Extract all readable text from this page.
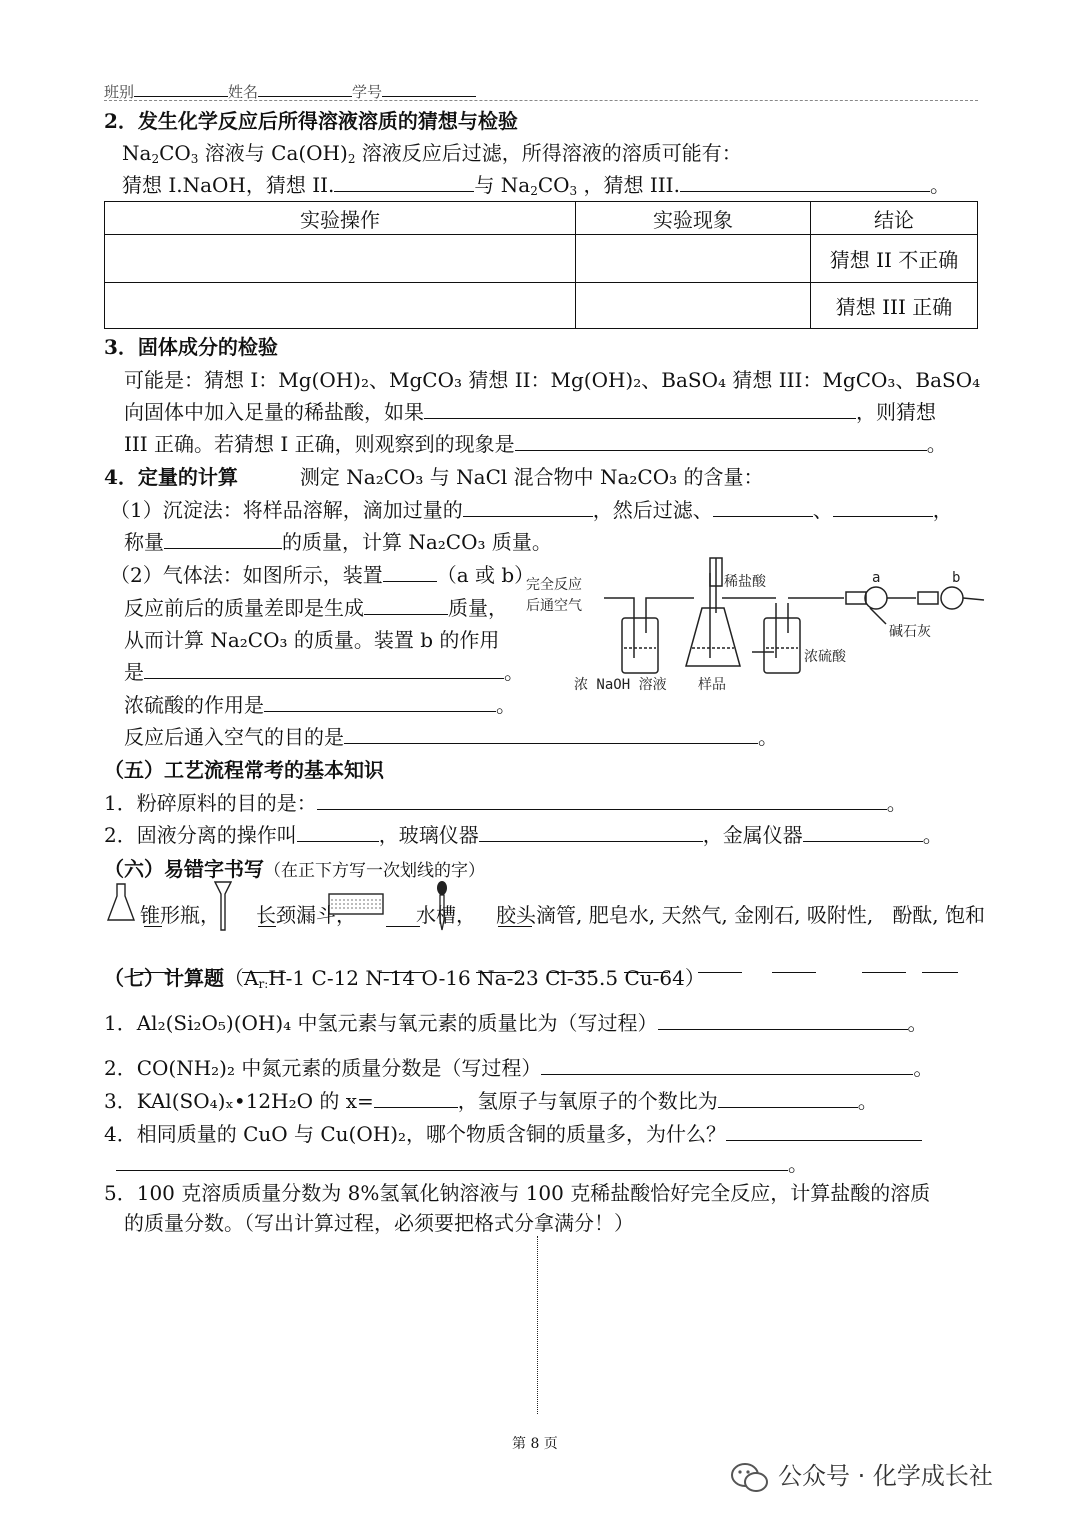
班别	姓名	学号
2．发生化学反应后所得溶液溶质的猜想与检验
$Na_2CO_3$ 溶液与 $Ca(OH)_2$ 溶液反应后过滤，所得溶液的溶质可能有：
猜想 I.NaOH，猜想 II.	与 $Na_2CO_3$ ，猜想 III.	。
实验操作	实验现象	结论
		猜想 II 不正确
		猜想 III 正确
3．固体成分的检验
可能是：猜想 I：Mg(OH)₂、MgCO₃ 猜想 II：Mg(OH)₂、BaSO₄ 猜想 III：MgCO₃、BaSO₄
向固体中加入足量的稀盐酸，如果	，则猜想
III 正确。若猜想 I 正确，则观察到的现象是	。
4．定量的计算	测定 Na₂CO₃ 与 NaCl 混合物中 Na₂CO₃ 的含量：
（1）沉淀法：将样品溶解，滴加过量的	，然后过滤、	、	，
称量	的质量，计算 Na₂CO₃ 质量。
（2）气体法：如图所示，装置	（a 或 b）
反应前后的质量差即是生成	质量，
从而计算 Na₂CO₃ 的质量。装置 b 的作用
是	。
浓硫酸的作用是	。
反应后通入空气的目的是	。
完全反应
后通空气
稀盐酸
浓 NaOH 溶液 样品
浓硫酸
碱石灰
a	b
（五）工艺流程常考的基本知识
1．粉碎原料的目的是：	。
2．固液分离的操作叫	，玻璃仪器	，金属仪器	。
（六）易错字书写（在正下方写一次划线的字）
锥形瓶， 长颈漏斗，	水槽， 胶头滴管, 肥皂水, 天然气, 金刚石, 吸附性, 酚酞, 饱和
（七）计算题（$A_{r:}H-1$ C-12 N-14 O-16 Na-23 Cl-35.5 Cu-64）
1．Al₂(Si₂O₅)(OH)₄ 中氢元素与氧元素的质量比为（写过程）	。
2．CO(NH₂)₂ 中氮元素的质量分数是（写过程）	。
3．KAl(SO₄)ₓ•12H₂O 的 x=	，氢原子与氧原子的个数比为	。
4．相同质量的 CuO 与 Cu(OH)₂，哪个物质含铜的质量多，为什么？
。
5．100 克溶质质量分数为 8%氢氧化钠溶液与 100 克稀盐酸恰好完全反应，计算盐酸的溶质
的质量分数。（写出计算过程，必须要把格式分拿满分！）
第 8 页
公众号 · 化学成长社
